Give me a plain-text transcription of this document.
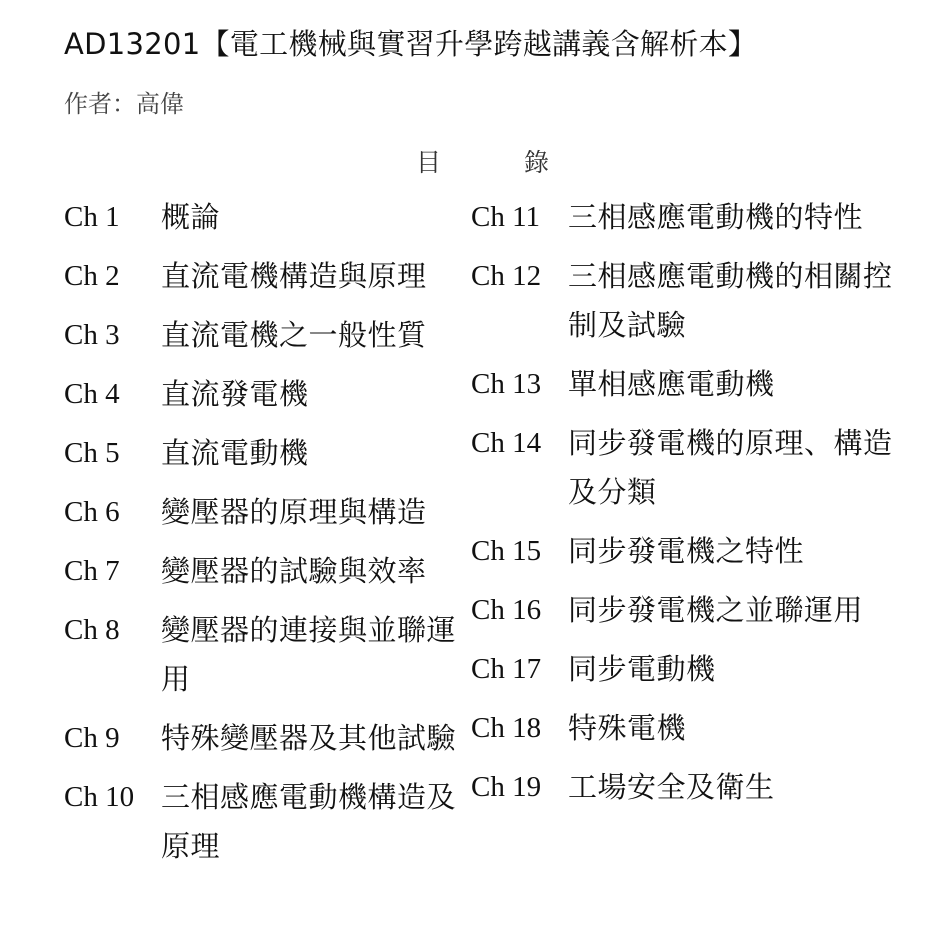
AD13201【電工機械與實習升學跨越講義含解析本】
作者：高偉
目	錄
Ch 1	概論
Ch 2	直流電機構造與原理
Ch 3	直流電機之一般性質
Ch 4	直流發電機
Ch 5	直流電動機
Ch 6	變壓器的原理與構造
Ch 7	變壓器的試驗與效率
Ch 8	變壓器的連接與並聯運用
Ch 9	特殊變壓器及其他試驗
Ch 10 三相感應電動機構造及原理
Ch 11 三相感應電動機的特性
Ch 12 三相感應電動機的相關控制及試驗
Ch 13 單相感應電動機
Ch 14 同步發電機的原理、構造及分類
Ch 15 同步發電機之特性
Ch 16 同步發電機之並聯運用
Ch 17 同步電動機
Ch 18 特殊電機
Ch 19 工場安全及衛生
